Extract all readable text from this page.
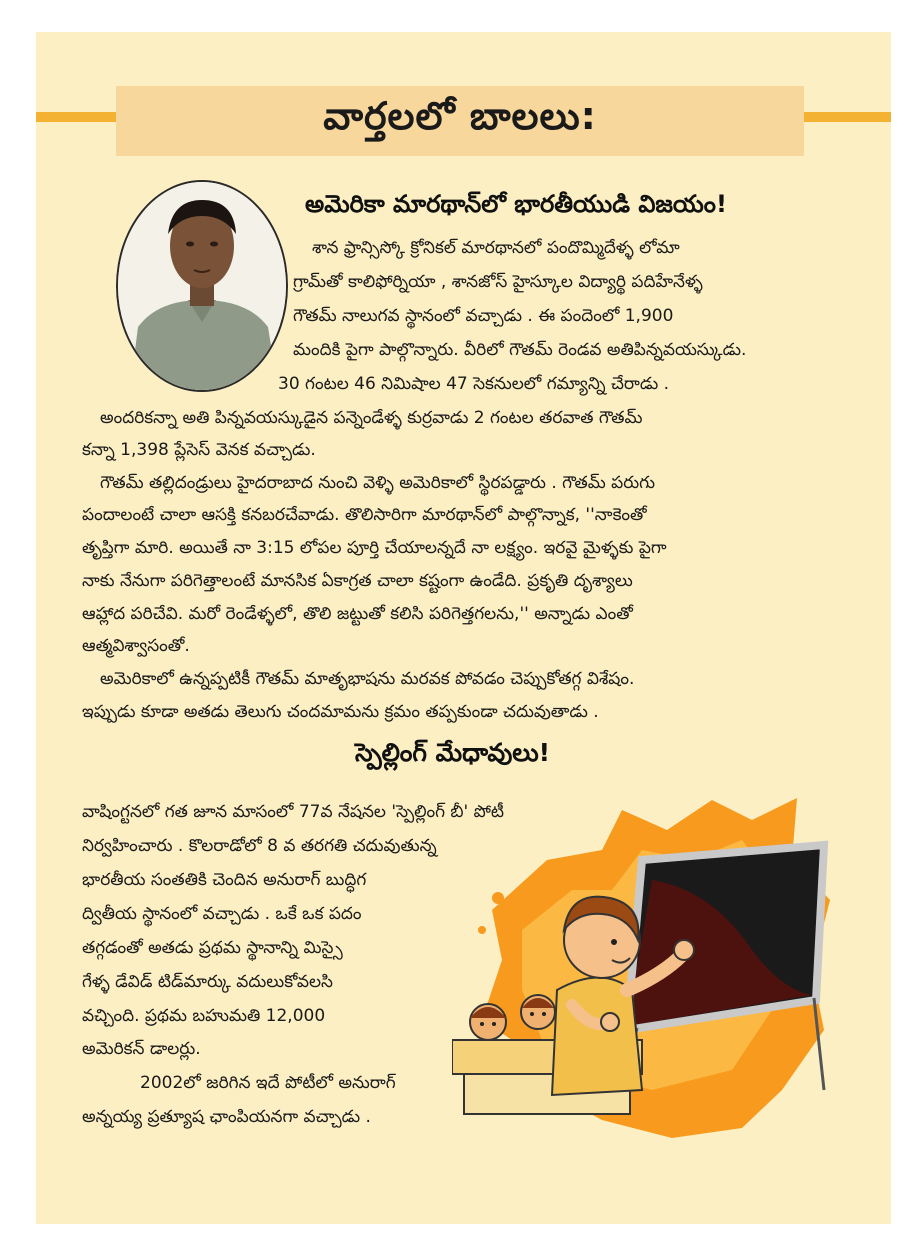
వార్తలలో బాలలు:
అమెరికా మారథాన్‌లో భారతీయుడి విజయం!
శాన ఫ్రాన్సిస్కో క్రోనికల్ మారథానలో పందొమ్మిదేళ్ళ లోమా
గ్రామ్‌తో కాలిఫోర్నియా , శానజోస్ హైస్కూల విద్యార్థి పదిహేనేళ్ళ
గౌతమ్ నాలుగవ స్థానంలో వచ్చాడు . ఈ పందెంలో 1,900
మందికి పైగా పాల్గొన్నారు. వీరిలో గౌతమ్ రెండవ అతిపిన్నవయస్కుడు.
30 గంటల 46 నిమిషాల 47 సెకనులలో గమ్యాన్ని చేరాడు .
అందరికన్నా అతి పిన్నవయస్కుడైన పన్నెండేళ్ళ కుర్రవాడు 2 గంటల తరవాత గౌతమ్
కన్నా 1,398 ప్లేసెస్ వెనక వచ్చాడు.
గౌతమ్ తల్లిదండ్రులు హైదరాబాద నుంచి వెళ్ళి అమెరికాలో స్థిరపడ్డారు . గౌతమ్ పరుగు
పందాలంటే చాలా ఆసక్తి కనబరచేవాడు. తొలిసారిగా మారథాన్‌లో పాల్గొన్నాక, ''నాకెంతో
తృప్తిగా మారి. అయితే నా 3:15 లోపల పూర్తి చేయాలన్నదే నా లక్ష్యం. ఇరవై మైళ్ళకు పైగా
నాకు నేనుగా పరిగెత్తాలంటే మానసిక ఏకాగ్రత చాలా కష్టంగా ఉండేది. ప్రకృతి దృశ్యాలు
ఆహ్లాద పరిచేవి. మరో రెండేళ్ళలో, తొలి జట్టుతో కలిసి పరిగెత్తగలను,'' అన్నాడు ఎంతో
ఆత్మవిశ్వాసంతో.
అమెరికాలో ఉన్నప్పటికీ గౌతమ్ మాతృభాషను మరవక పోవడం చెప్పుకోతగ్గ విశేషం.
ఇప్పుడు కూడా అతడు తెలుగు చందమామను క్రమం తప్పకుండా చదువుతాడు .
స్పెల్లింగ్ మేధావులు!
వాషింగ్టనలో గత జూన మాసంలో 77వ నేషనల 'స్పెల్లింగ్ బీ' పోటీ
నిర్వహించారు . కొలరాడోలో 8 వ తరగతి చదువుతున్న
భారతీయ సంతతికి చెందిన అనురాగ్ బుద్ధిగ
ద్వితీయ స్థానంలో వచ్చాడు . ఒకే ఒక పదం
తగ్గడంతో అతడు ప్రథమ స్థానాన్ని మిస్సై
గేళ్ళ డేవిడ్ టిడ్‌మార్కు వదులుకోవలసి
వచ్చింది. ప్రథమ బహుమతి 12,000
అమెరికన్ డాలర్లు.
2002లో జరిగిన ఇదే పోటీలో అనురాగ్
అన్నయ్య ప్రత్యూష ఛాంపియనగా వచ్చాడు .
